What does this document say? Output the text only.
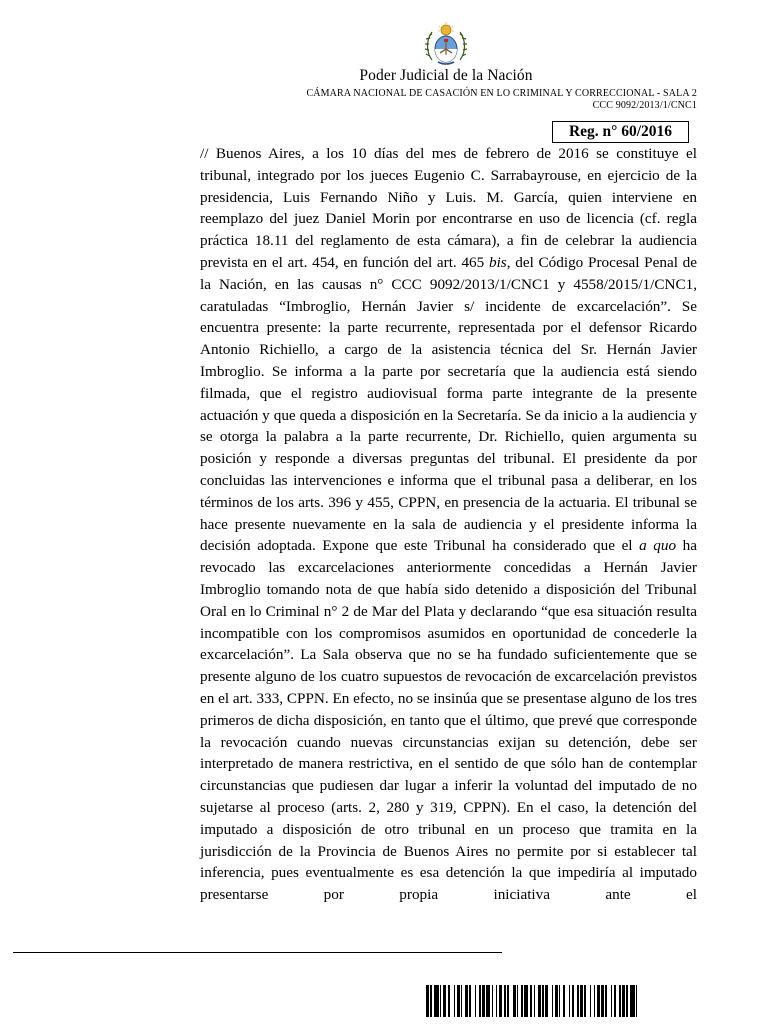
Poder Judicial de la Nación
CÁMARA NACIONAL DE CASACIÓN EN LO CRIMINAL Y CORRECCIONAL - SALA 2
CCC 9092/2013/1/CNC1
Reg. n° 60/2016

// Buenos Aires, a los 10 días del mes de febrero de 2016 se constituye el tribunal, integrado por los jueces Eugenio C. Sarrabayrouse, en ejercicio de la presidencia, Luis Fernando Niño y Luis. M. García, quien interviene en reemplazo del juez Daniel Morin por encontrarse en uso de licencia (cf. regla práctica 18.11 del reglamento de esta cámara), a fin de celebrar la audiencia prevista en el art. 454, en función del art. 465 bis, del Código Procesal Penal de la Nación, en las causas n° CCC 9092/2013/1/CNC1 y 4558/2015/1/CNC1, caratuladas “Imbroglio, Hernán Javier s/ incidente de excarcelación”. Se encuentra presente: la parte recurrente, representada por el defensor Ricardo Antonio Richiello, a cargo de la asistencia técnica del Sr. Hernán Javier Imbroglio. Se informa a la parte por secretaría que la audiencia está siendo filmada, que el registro audiovisual forma parte integrante de la presente actuación y que queda a disposición en la Secretaría. Se da inicio a la audiencia y se otorga la palabra a la parte recurrente, Dr. Richiello, quien argumenta su posición y responde a diversas preguntas del tribunal. El presidente da por concluidas las intervenciones e informa que el tribunal pasa a deliberar, en los términos de los arts. 396 y 455, CPPN, en presencia de la actuaria. El tribunal se hace presente nuevamente en la sala de audiencia y el presidente informa la decisión adoptada. Expone que este Tribunal ha considerado que el a quo ha revocado las excarcelaciones anteriormente concedidas a Hernán Javier Imbroglio tomando nota de que había sido detenido a disposición del Tribunal Oral en lo Criminal n° 2 de Mar del Plata y declarando “que esa situación resulta incompatible con los compromisos asumidos en oportunidad de concederle la excarcelación”. La Sala observa que no se ha fundado suficientemente que se presente alguno de los cuatro supuestos de revocación de excarcelación previstos en el art. 333, CPPN. En efecto, no se insinúa que se presentase alguno de los tres primeros de dicha disposición, en tanto que el último, que prevé que corresponde la revocación cuando nuevas circunstancias exijan su detención, debe ser interpretado de manera restrictiva, en el sentido de que sólo han de contemplar circunstancias que pudiesen dar lugar a inferir la voluntad del imputado de no sujetarse al proceso (arts. 2, 280 y 319, CPPN). En el caso, la detención del imputado a disposición de otro tribunal en un proceso que tramita en la jurisdicción de la Provincia de Buenos Aires no permite por si establecer tal inferencia, pues eventualmente es esa detención la que impediría al imputado presentarse por propia iniciativa ante el
